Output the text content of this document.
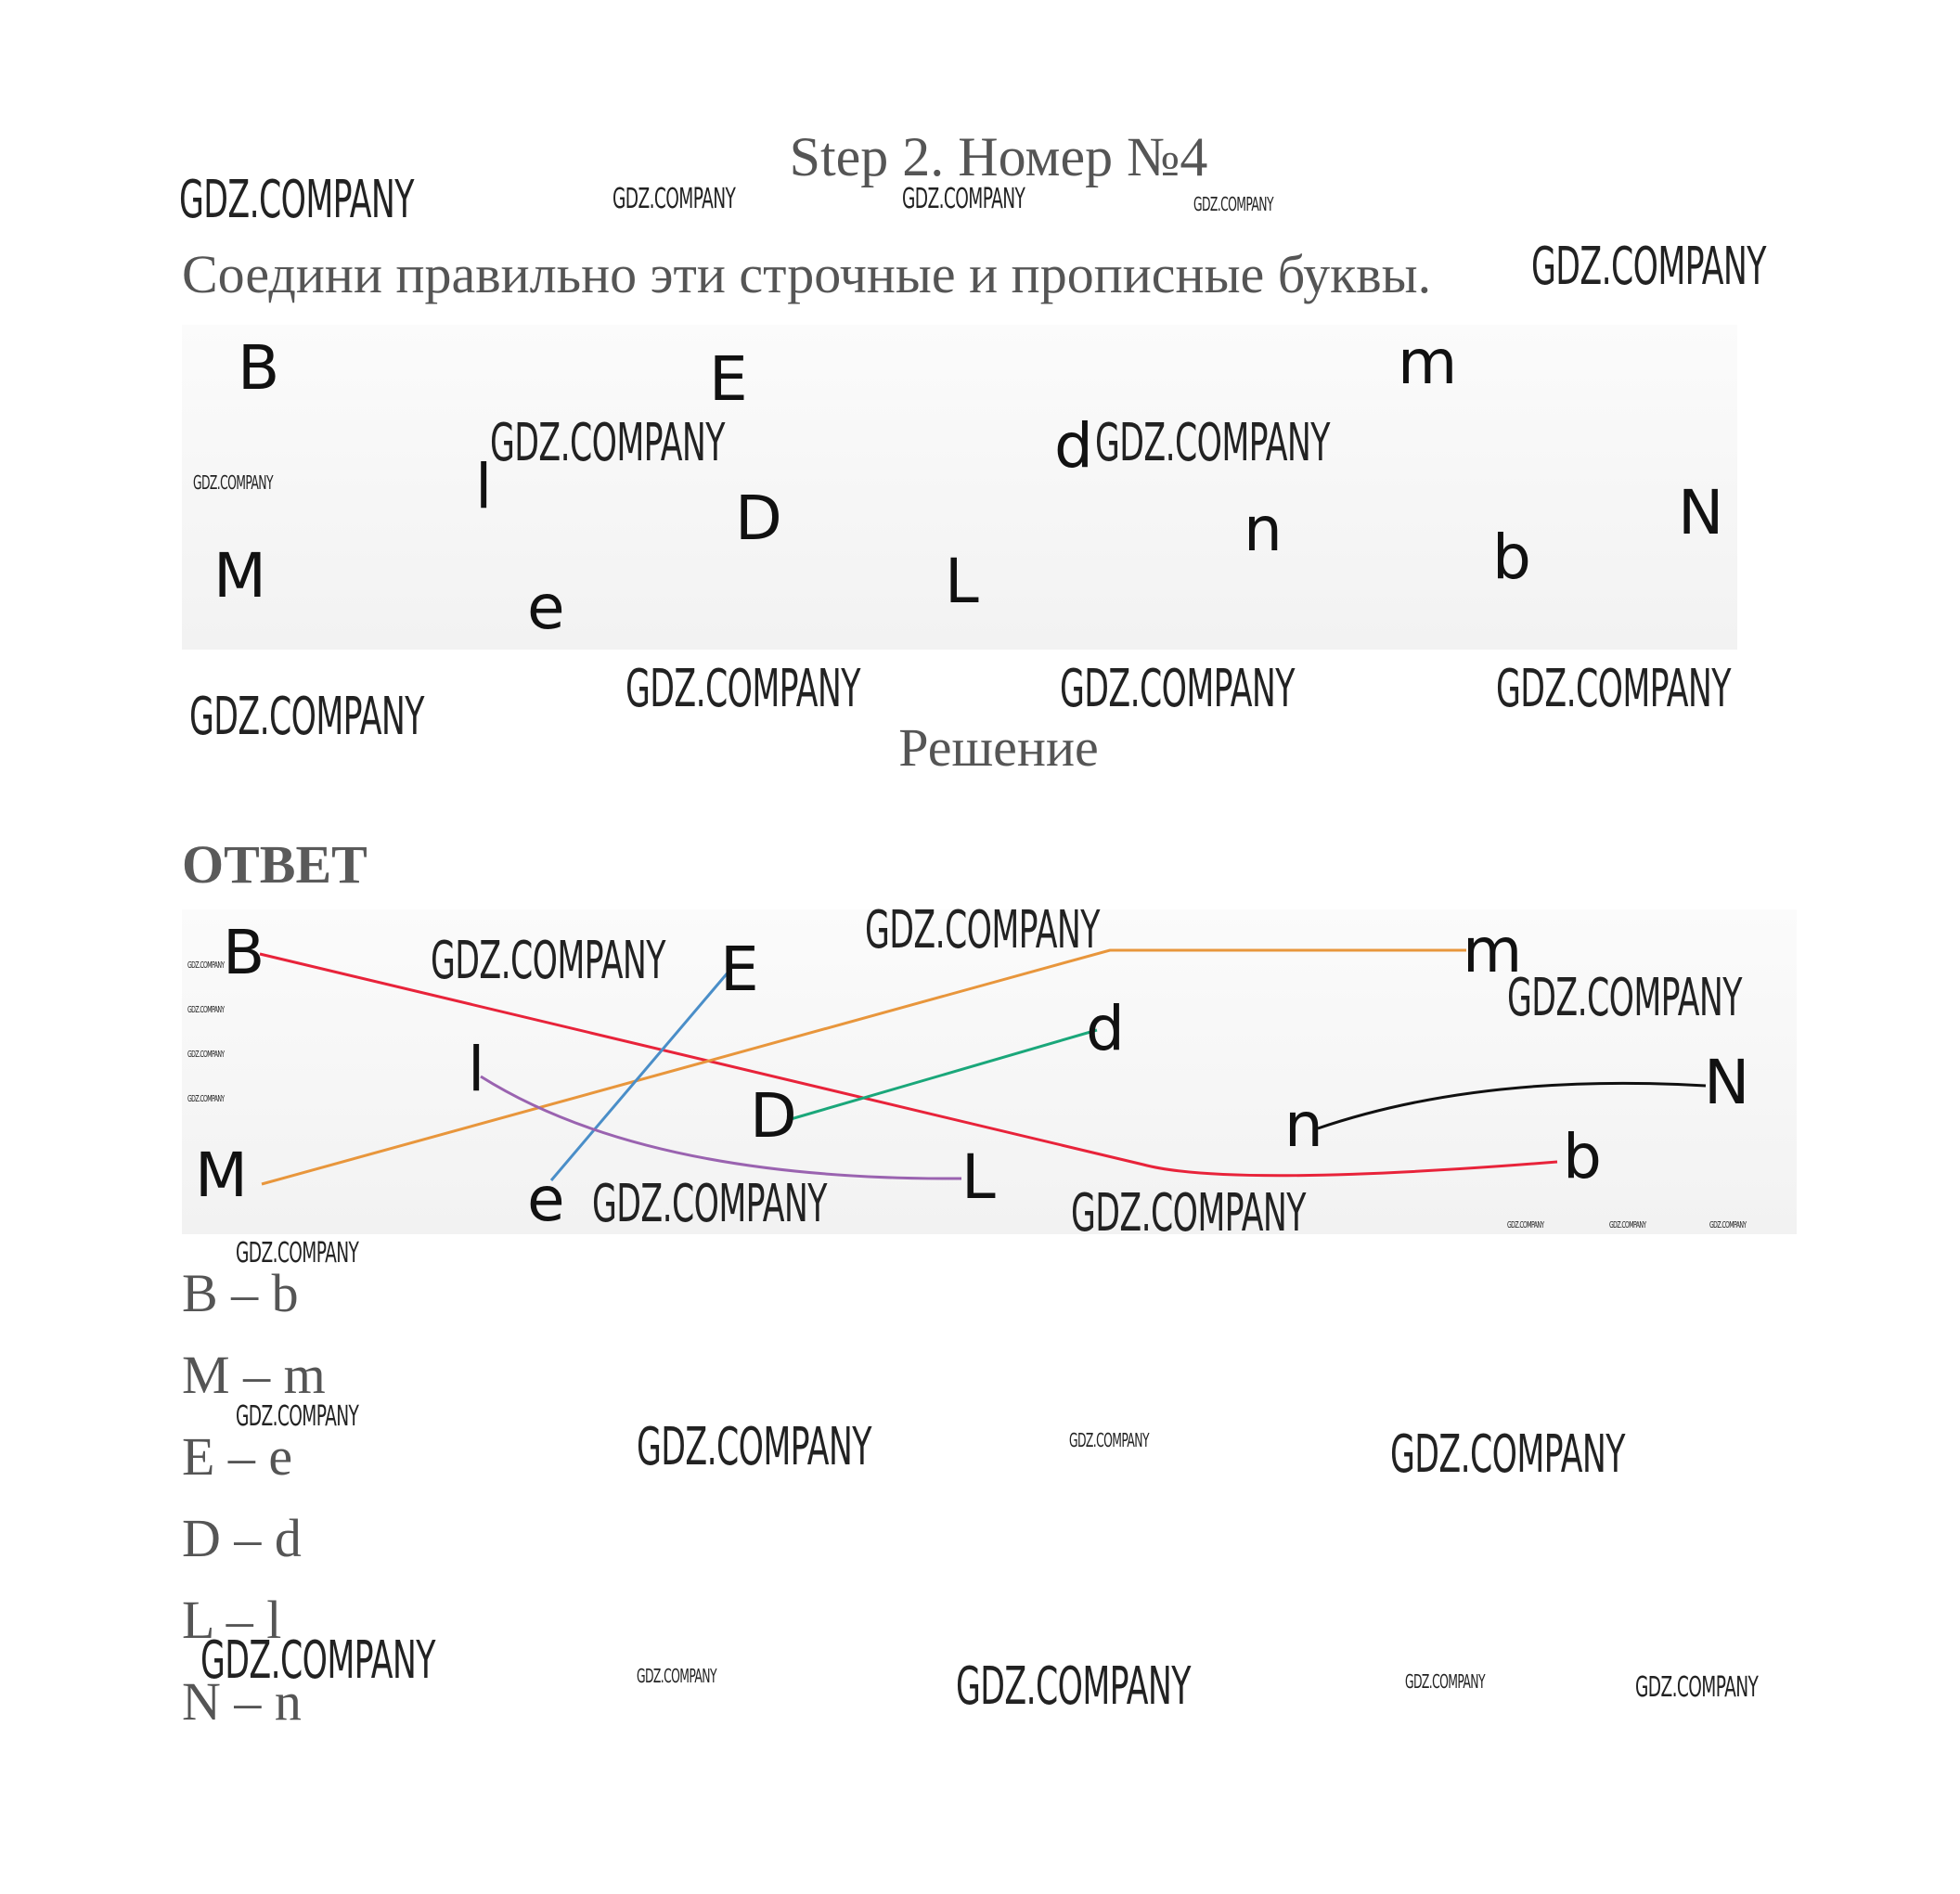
Step 2. Номер №4
Соедини правильно эти строчные и прописные буквы.
B	E	m
d
l	D	n	N
M	L	b
e
Решение
ОТВЕТ
B	E	m
d
l
D	n
N
M	L	b
e
B – b
M – m
E – e
D – d
L – l
N – n
GDZ.COMPANY	GDZ.COMPANY	GDZ.COMPANY	GDZ.COMPANY
GDZ.COMPANY
GDZ.COMPANY	GDZ.COMPANY
GDZ.COMPANY
GDZ.COMPANY	GDZ.COMPANY	GDZ.COMPANY	GDZ.COMPANY
GDZ.COMPANY
GDZ.COMPANY
GDZ.COMPANY
GDZ.COMPANY
GDZ.COMPANY
GDZ.COMPANY
GDZ.COMPANY
GDZ.COMPANY	GDZ.COMPANY
GDZ.COMPANY
GDZ.COMPANY	GDZ.COMPANY	GDZ.COMPANY
GDZ.COMPANY
GDZ.COMPANY	GDZ.COMPANY	GDZ.COMPANY
GDZ.COMPANY	GDZ.COMPANY	GDZ.COMPANY	GDZ.COMPANY	GDZ.COMPANY
